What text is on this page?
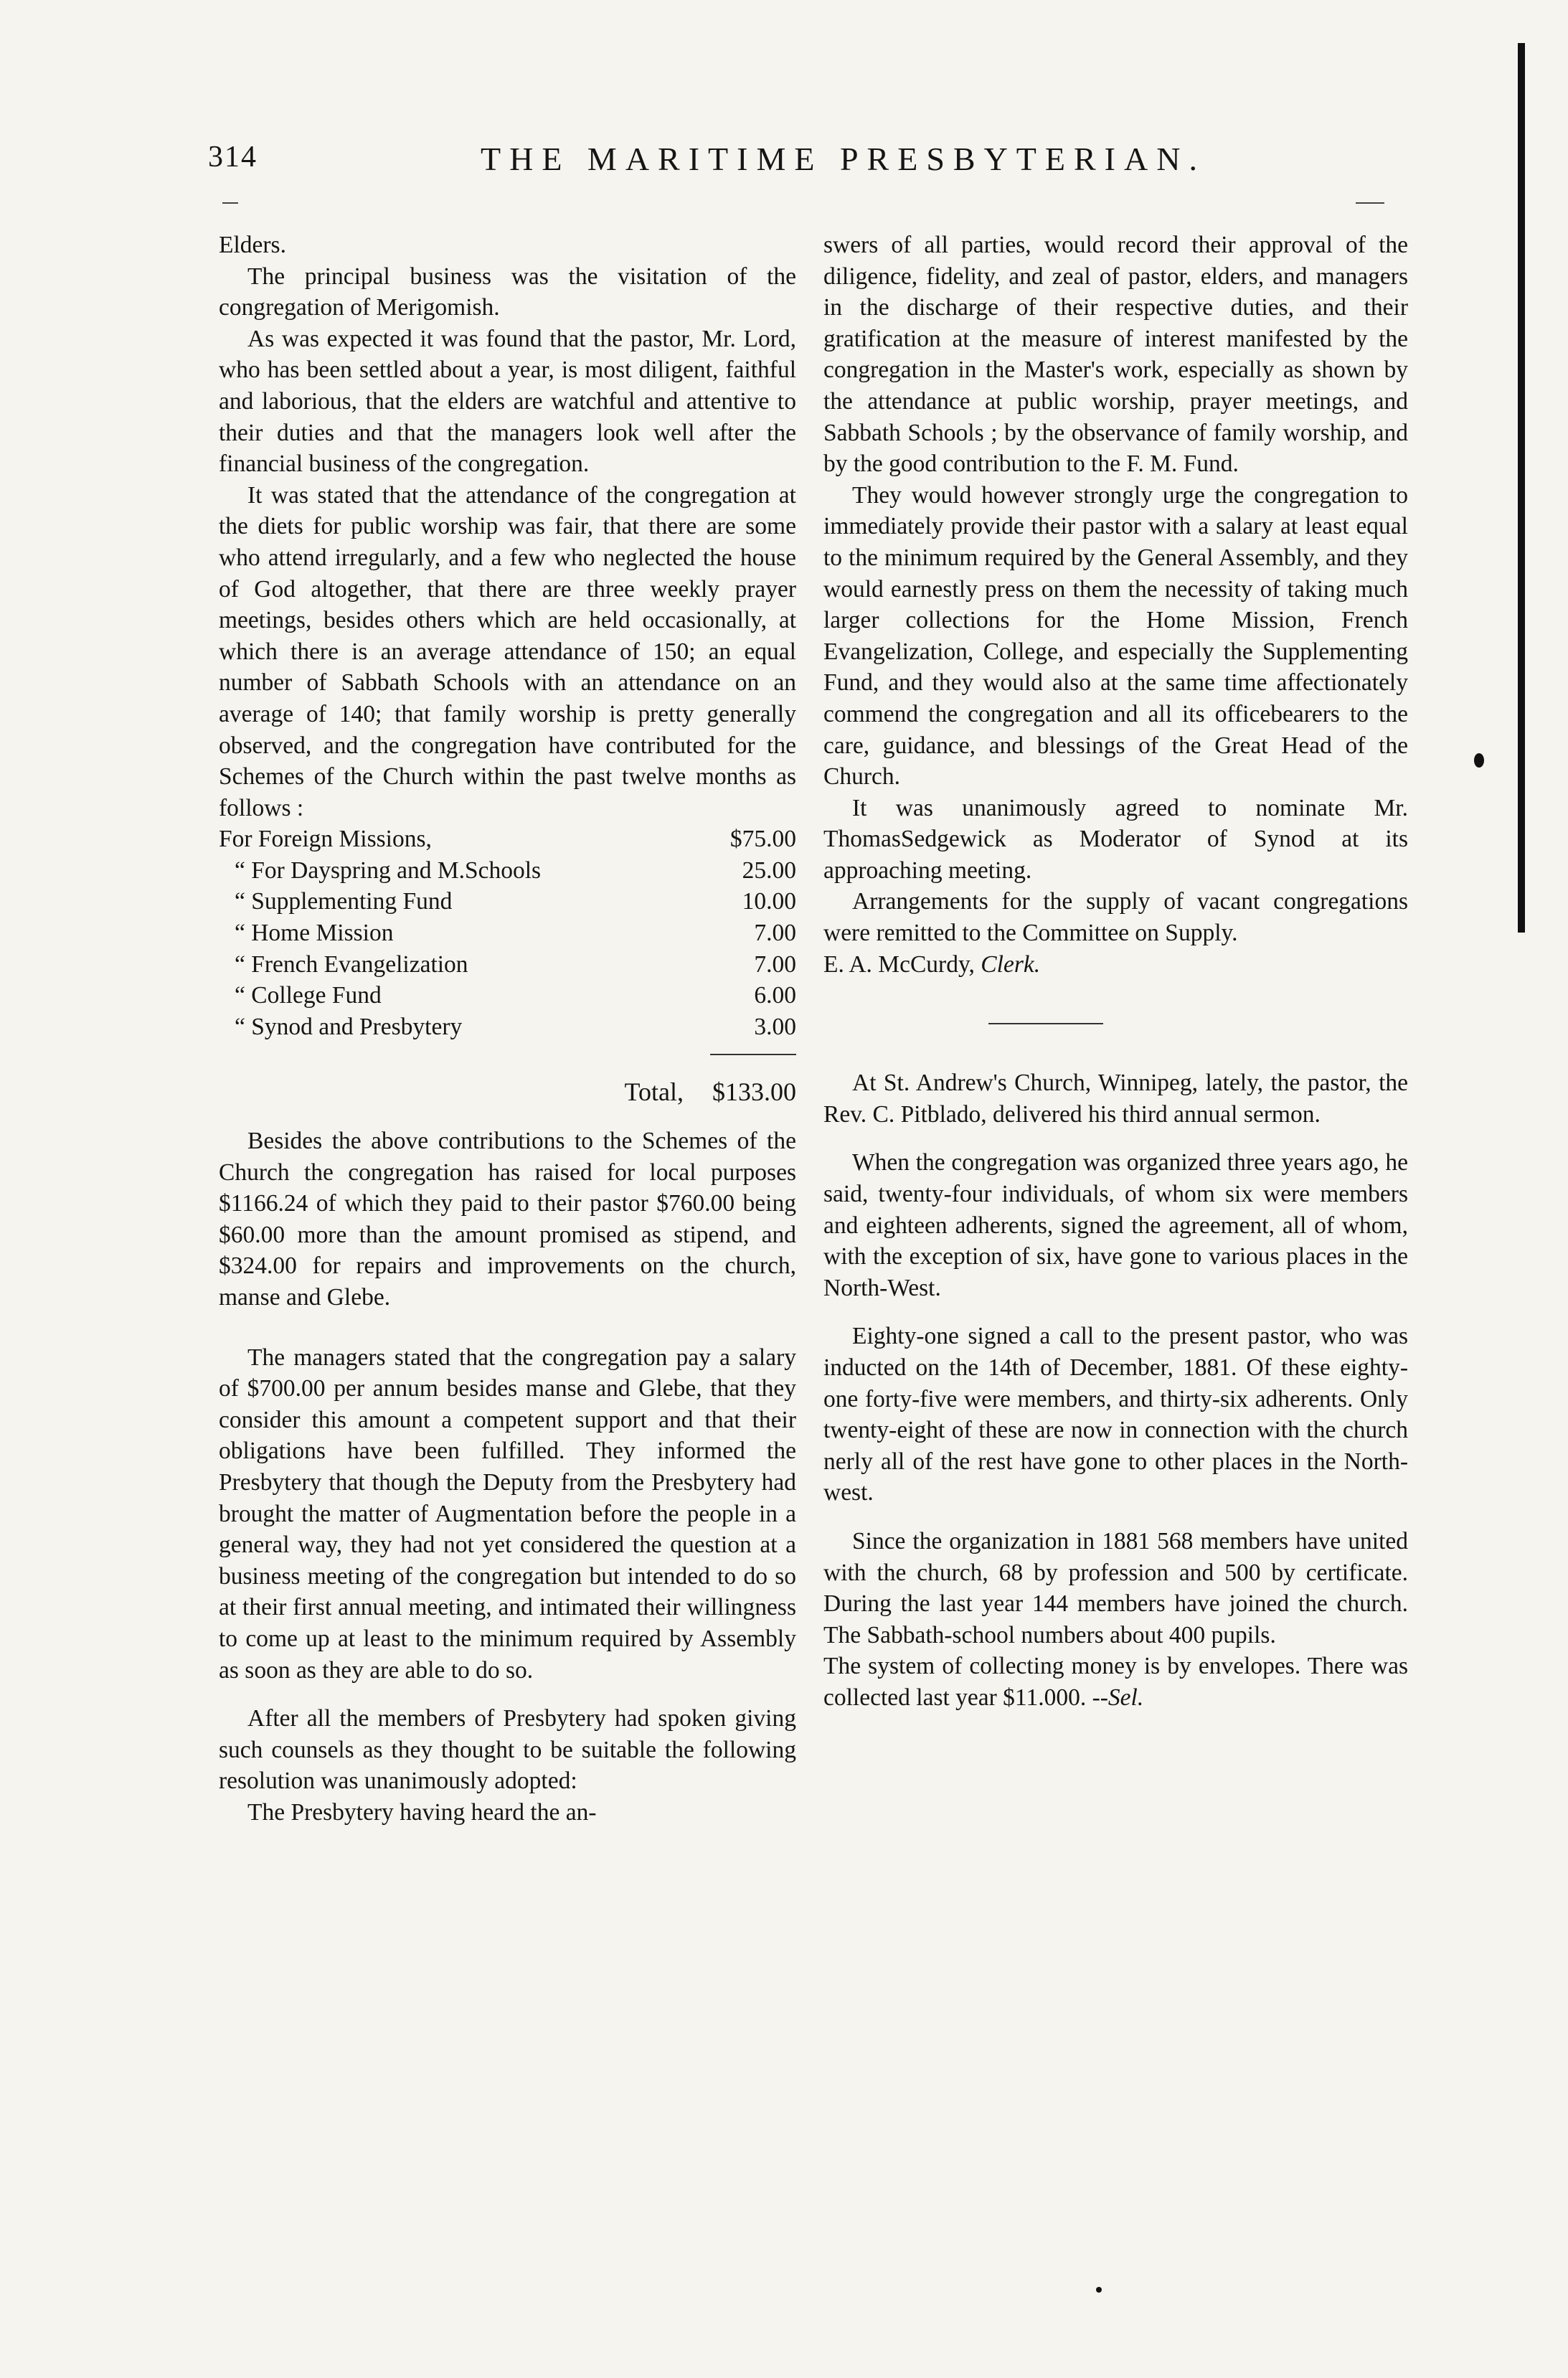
314	THE MARITIME PRESBYTERIAN.

Elders.

The principal business was the visitation of the congregation of Merigomish.

As was expected it was found that the pastor, Mr. Lord, who has been settled about a year, is most diligent, faithful and laborious, that the elders are watchful and attentive to their duties and that the managers look well after the financial business of the congregation.

It was stated that the attendance of the congregation at the diets for public worship was fair, that there are some who attend irregularly, and a few who neglected the house of God altogether, that there are three weekly prayer meetings, besides others which are held occasionally, at which there is an average attendance of 150; an equal number of Sabbath Schools with an attendance on an average of 140; that family worship is pretty generally observed, and the congregation have contributed for the Schemes of the Church within the past twelve months as follows :

For Foreign Missions,	$75.00
“ For Dayspring and M.Schools	25.00
“ Supplementing Fund	10.00
“ Home Mission	7.00
“ French Evangelization	7.00
“ College Fund	6.00
“ Synod and Presbytery	3.00
Total, $133.00

Besides the above contributions to the Schemes of the Church the congregation has raised for local purposes $1166.24 of which they paid to their pastor $760.00 being $60.00 more than the amount promised as stipend, and $324.00 for repairs and improvements on the church, manse and Glebe.

The managers stated that the congregation pay a salary of $700.00 per annum besides manse and Glebe, that they consider this amount a competent support and that their obligations have been fulfilled. They informed the Presbytery that though the Deputy from the Presbytery had brought the matter of Augmentation before the people in a general way, they had not yet considered the question at a business meeting of the congregation but intended to do so at their first annual meeting, and intimated their willingness to come up at least to the minimum required by Assembly as soon as they are able to do so.

After all the members of Presbytery had spoken giving such counsels as they thought to be suitable the following resolution was unanimously adopted:

The Presbytery having heard the an-

swers of all parties, would record their approval of the diligence, fidelity, and zeal of pastor, elders, and managers in the discharge of their respective duties, and their gratification at the measure of interest manifested by the congregation in the Master's work, especially as shown by the attendance at public worship, prayer meetings, and Sabbath Schools ; by the observance of family worship, and by the good contribution to the F. M. Fund.

They would however strongly urge the congregation to immediately provide their pastor with a salary at least equal to the minimum required by the General Assembly, and they would earnestly press on them the necessity of taking much larger collections for the Home Mission, French Evangelization, College, and especially the Supplementing Fund, and they would also at the same time affectionately commend the congregation and all its officebearers to the care, guidance, and blessings of the Great Head of the Church.

It was unanimously agreed to nominate Mr. ThomasSedgewick as Moderator of Synod at its approaching meeting.

Arrangements for the supply of vacant congregations were remitted to the Committee on Supply.

E. A. McCurdy, Clerk.

At St. Andrew's Church, Winnipeg, lately, the pastor, the Rev. C. Pitblado, delivered his third annual sermon.

When the congregation was organized three years ago, he said, twenty-four individuals, of whom six were members and eighteen adherents, signed the agreement, all of whom, with the exception of six, have gone to various places in the North-West.

Eighty-one signed a call to the present pastor, who was inducted on the 14th of December, 1881. Of these eighty-one forty-five were members, and thirty-six adherents. Only twenty-eight of these are now in connection with the church nerly all of the rest have gone to other places in the North-west.

Since the organization in 1881 568 members have united with the church, 68 by profession and 500 by certificate. During the last year 144 members have joined the church. The Sabbath-school numbers about 400 pupils.

The system of collecting money is by envelopes. There was collected last year $11.000. --Sel.
